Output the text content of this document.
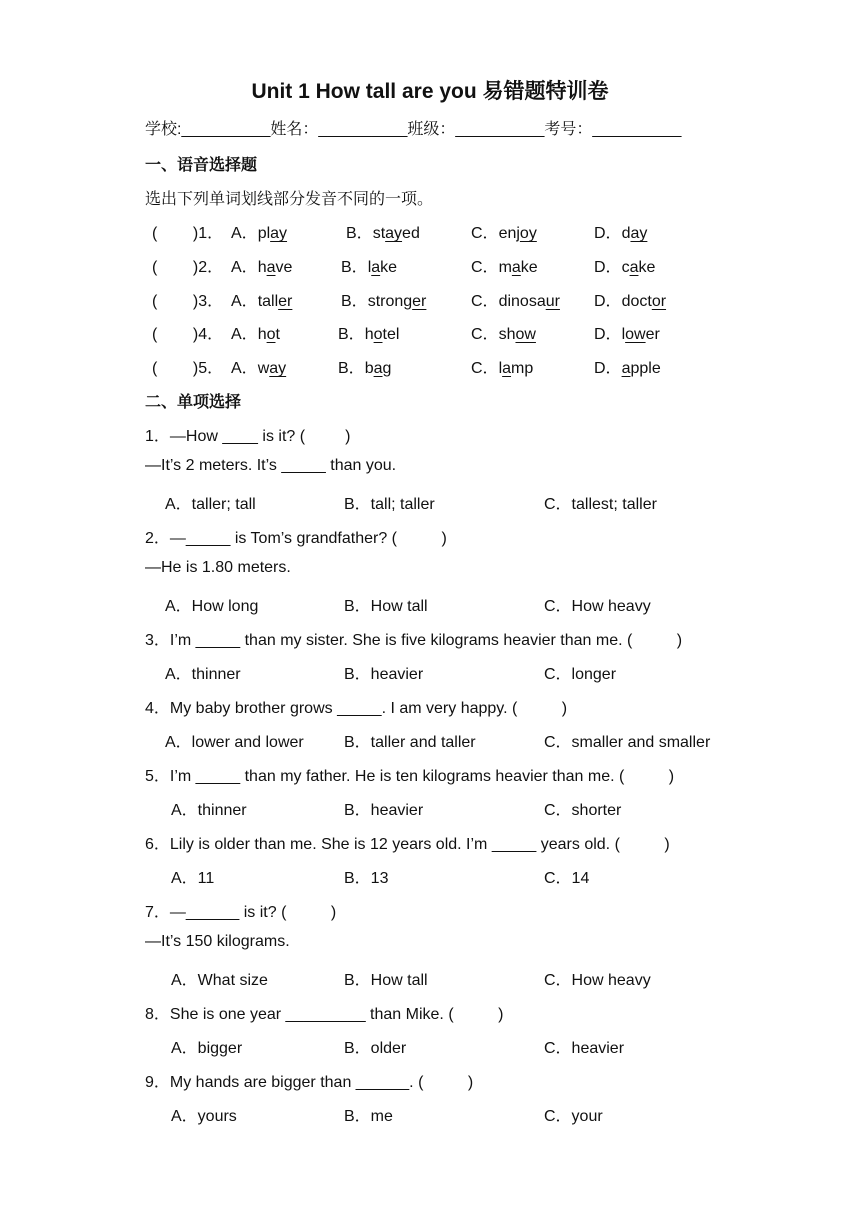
Unit 1 How tall are you 易错题特训卷
学校:__________姓名：__________班级：__________考号：__________
一、语音选择题
选出下列单词划线部分发音不同的一项。
(        )1． A．play	B．stayed	C．enjoy	D．day
(        )2． A．have	B．lake	C．make	D．cake
(        )3． A．taller	B．stronger	C．dinosaur D．doctor
(        )4． A．hot	B．hotel	C．show	D．lower
(        )5． A．way	B．bag	C．lamp	D．apple
二、单项选择
1．—How ____ is it? (         )
—It’s 2 meters. It’s _____ than you.
A．taller; tall	B．tall; taller	C．tallest; taller
2．—_____ is Tom’s grandfather? (          )
—He is 1.80 meters.
A．How long	B．How tall	C．How heavy
3．I’m _____ than my sister. She is five kilograms heavier than me. (          )
A．thinner	B．heavier	C．longer
4．My baby brother grows _____. I am very happy. (          )
A．lower and lower	B．taller and taller	C．smaller and smaller
5．I’m _____ than my father. He is ten kilograms heavier than me. (          )
A．thinner	B．heavier	C．shorter
6．Lily is older than me. She is 12 years old. I’m _____ years old. (          )
A．11	B．13	C．14
7．—______ is it? (          )
—It’s 150 kilograms.
A．What size	B．How tall	C．How heavy
8．She is one year _________ than Mike. (          )
A．bigger	B．older	C．heavier
9．My hands are bigger than ______. (          )
A．yours	B．me	C．your
